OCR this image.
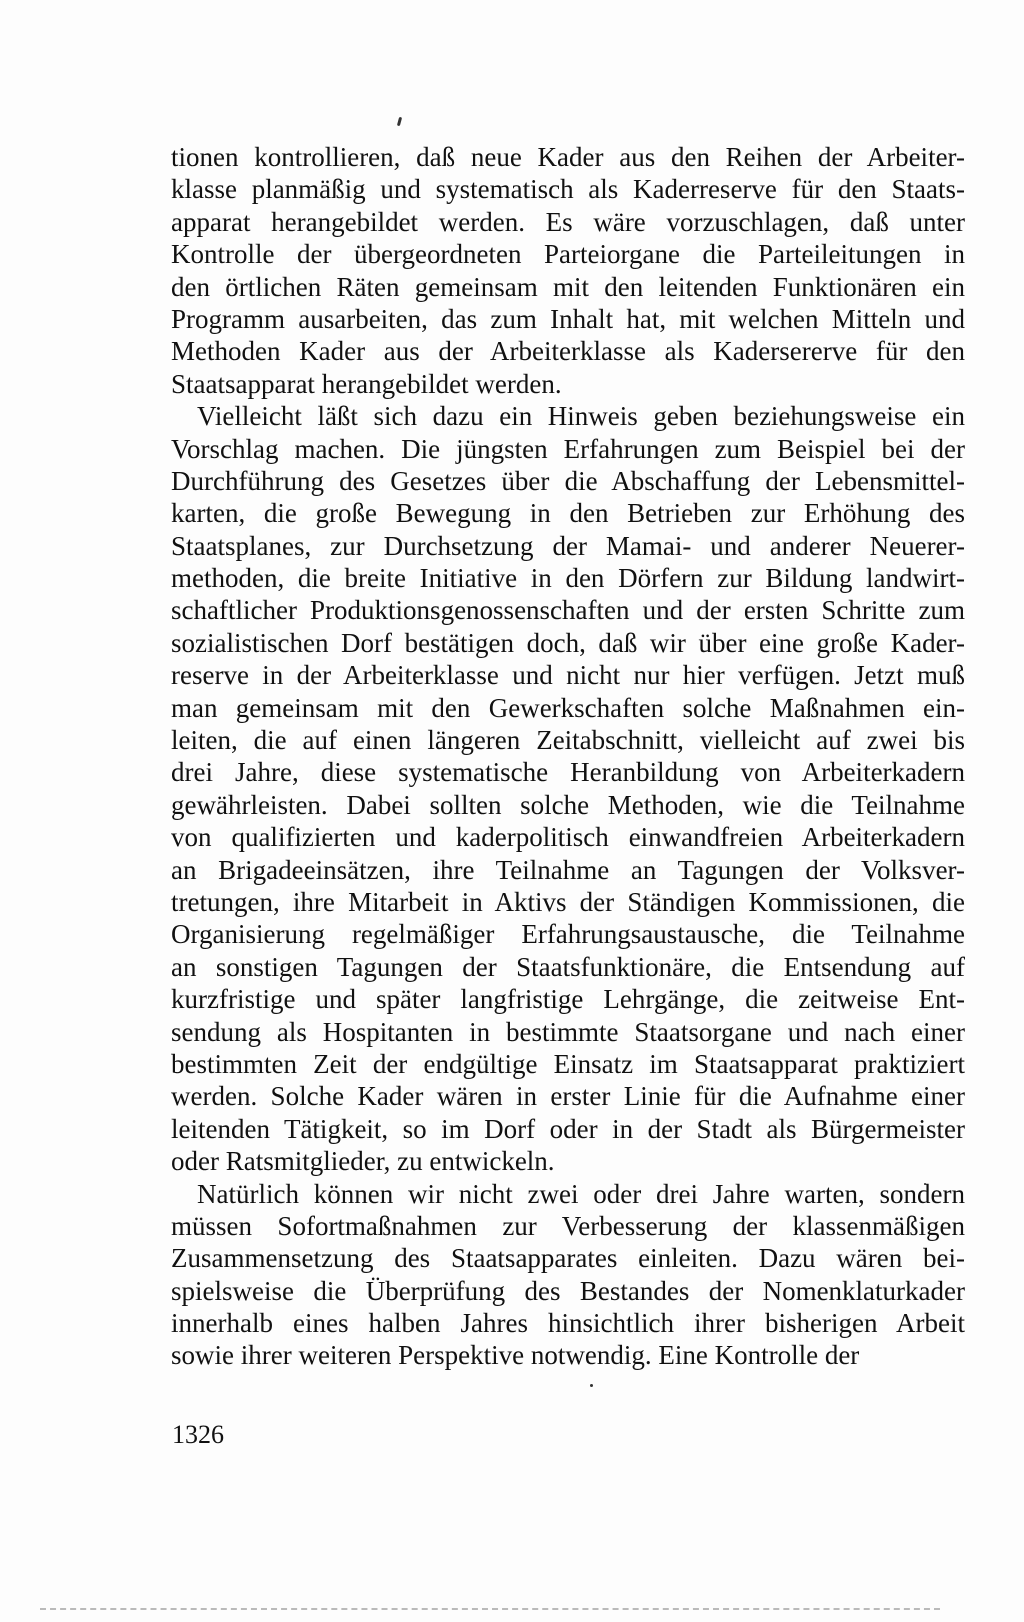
tionen kontrollieren, daß neue Kader aus den Reihen der Arbeiter-
klasse planmäßig und systematisch als Kaderreserve für den Staats-
apparat herangebildet werden. Es wäre vorzuschlagen, daß unter
Kontrolle der übergeordneten Parteiorgane die Parteileitungen in
den örtlichen Räten gemeinsam mit den leitenden Funktionären ein
Programm ausarbeiten, das zum Inhalt hat, mit welchen Mitteln und
Methoden Kader aus der Arbeiterklasse als Kadersererve für den
Staatsapparat herangebildet werden.
Vielleicht läßt sich dazu ein Hinweis geben beziehungsweise ein
Vorschlag machen. Die jüngsten Erfahrungen zum Beispiel bei der
Durchführung des Gesetzes über die Abschaffung der Lebensmittel-
karten, die große Bewegung in den Betrieben zur Erhöhung des
Staatsplanes, zur Durchsetzung der Mamai- und anderer Neuerer-
methoden, die breite Initiative in den Dörfern zur Bildung landwirt-
schaftlicher Produktionsgenossenschaften und der ersten Schritte zum
sozialistischen Dorf bestätigen doch, daß wir über eine große Kader-
reserve in der Arbeiterklasse und nicht nur hier verfügen. Jetzt muß
man gemeinsam mit den Gewerkschaften solche Maßnahmen ein-
leiten, die auf einen längeren Zeitabschnitt, vielleicht auf zwei bis
drei Jahre, diese systematische Heranbildung von Arbeiterkadern
gewährleisten. Dabei sollten solche Methoden, wie die Teilnahme
von qualifizierten und kaderpolitisch einwandfreien Arbeiterkadern
an Brigadeeinsätzen, ihre Teilnahme an Tagungen der Volksver-
tretungen, ihre Mitarbeit in Aktivs der Ständigen Kommissionen, die
Organisierung regelmäßiger Erfahrungsaustausche, die Teilnahme
an sonstigen Tagungen der Staatsfunktionäre, die Entsendung auf
kurzfristige und später langfristige Lehrgänge, die zeitweise Ent-
sendung als Hospitanten in bestimmte Staatsorgane und nach einer
bestimmten Zeit der endgültige Einsatz im Staatsapparat praktiziert
werden. Solche Kader wären in erster Linie für die Aufnahme einer
leitenden Tätigkeit, so im Dorf oder in der Stadt als Bürgermeister
oder Ratsmitglieder, zu entwickeln.
Natürlich können wir nicht zwei oder drei Jahre warten, sondern
müssen Sofortmaßnahmen zur Verbesserung der klassenmäßigen
Zusammensetzung des Staatsapparates einleiten. Dazu wären bei-
spielsweise die Überprüfung des Bestandes der Nomenklaturkader
innerhalb eines halben Jahres hinsichtlich ihrer bisherigen Arbeit
sowie ihrer weiteren Perspektive notwendig. Eine Kontrolle der
1326
